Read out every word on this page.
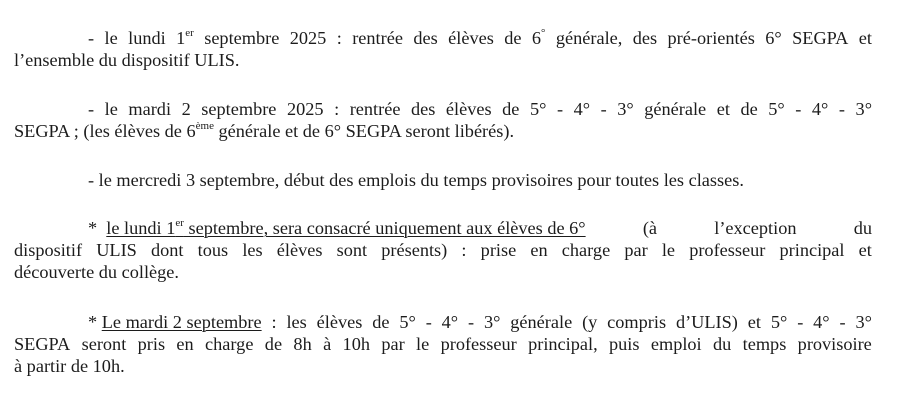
- le lundi 1er septembre 2025 : rentrée des élèves de 6° générale, des pré-orientés 6° SEGPA et
l’ensemble du dispositif ULIS.
- le mardi 2 septembre 2025 : rentrée des élèves de 5° - 4° - 3° générale et de 5° - 4° - 3°
SEGPA ; (les élèves de 6ème générale et de 6° SEGPA seront libérés).
- le mercredi 3 septembre, début des emplois du temps provisoires pour toutes les classes.
* le lundi 1er septembre, sera consacré uniquement aux élèves de 6°	(à	l’exception	du
dispositif ULIS dont tous les élèves sont présents) : prise en charge par le professeur principal et
découverte du collège.
* Le mardi 2 septembre : les élèves de 5° - 4° - 3° générale (y compris d’ULIS) et 5° - 4° - 3°
SEGPA seront pris en charge de 8h à 10h par le professeur principal, puis emploi du temps provisoire
à partir de 10h.
